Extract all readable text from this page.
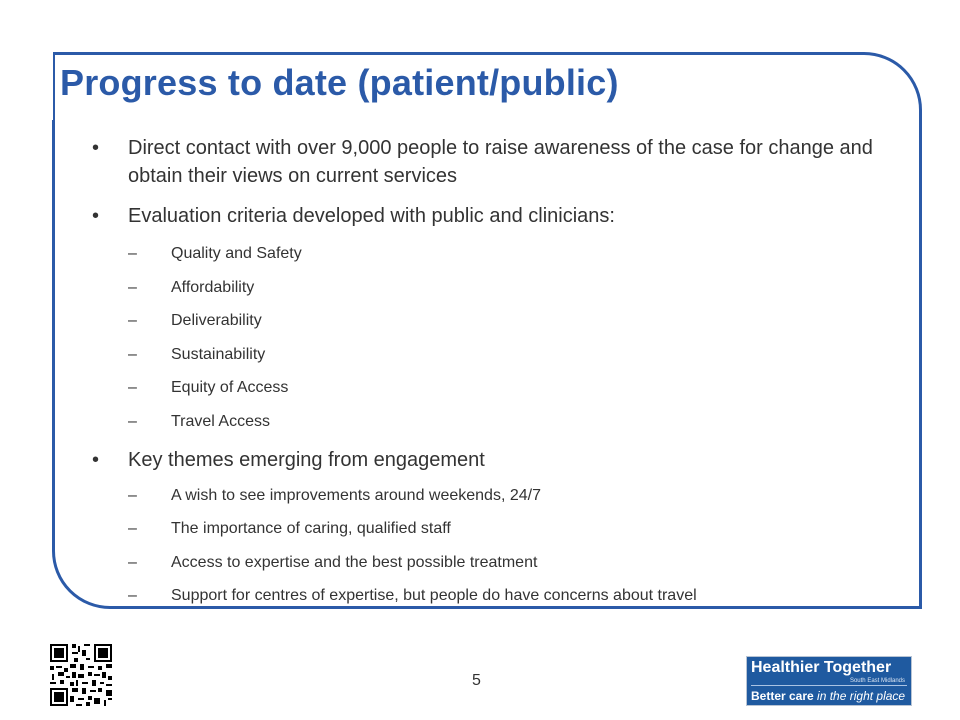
Progress to date (patient/public)
• Direct contact with over 9,000 people to raise awareness of the case for change and obtain their views on current services
• Evaluation criteria developed with public and clinicians:
– Quality and Safety
– Affordability
– Deliverability
– Sustainability
– Equity of Access
– Travel Access
• Key themes emerging from engagement
– A wish to see improvements around weekends, 24/7
– The importance of caring, qualified staff
– Access to expertise and the best possible treatment
– Support for centres of expertise, but people do have concerns about travel
5
Healthier Together
South East Midlands
Better care in the right place
